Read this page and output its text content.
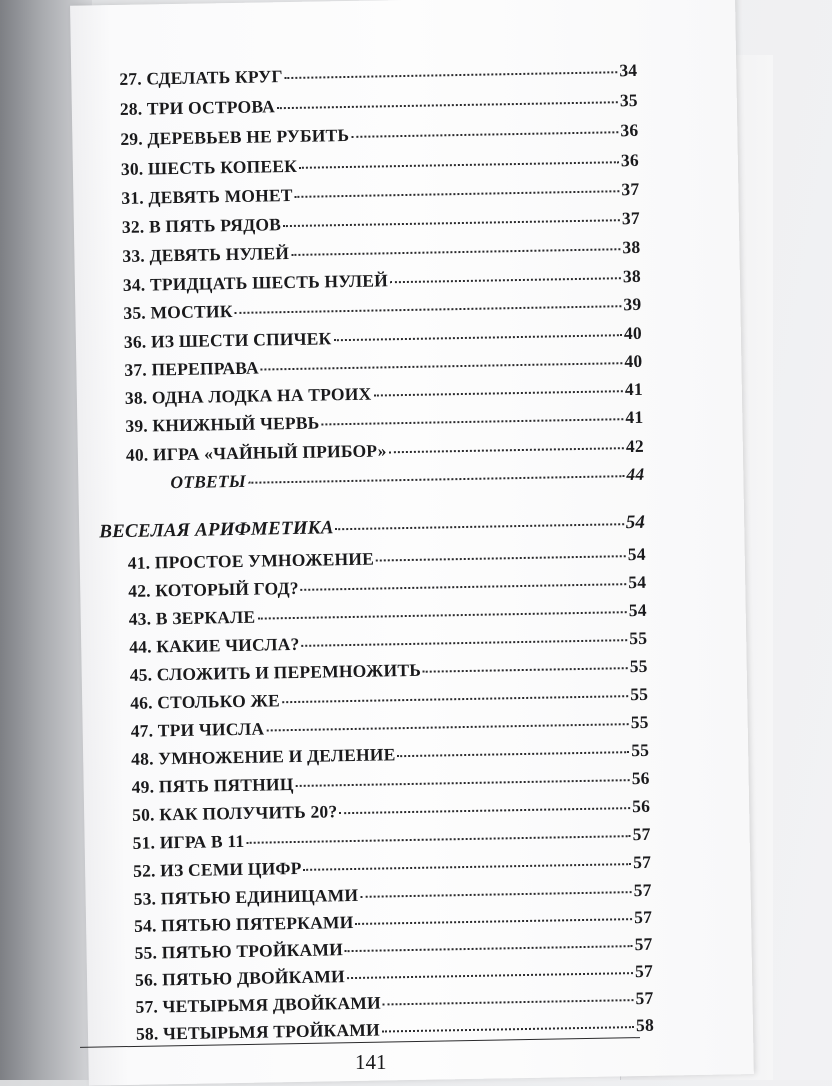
27. СДЕЛАТЬ КРУГ	34
28. ТРИ ОСТРОВА	35
29. ДЕРЕВЬЕВ НЕ РУБИТЬ	36
30. ШЕСТЬ КОПЕЕК	36
31. ДЕВЯТЬ МОНЕТ	37
32. В ПЯТЬ РЯДОВ	37
33. ДЕВЯТЬ НУЛЕЙ	38
34. ТРИДЦАТЬ ШЕСТЬ НУЛЕЙ	38
35. МОСТИК	39
36. ИЗ ШЕСТИ СПИЧЕК	40
37. ПЕРЕПРАВА	40
38. ОДНА ЛОДКА НА ТРОИХ	41
39. КНИЖНЫЙ ЧЕРВЬ	41
40. ИГРА «ЧАЙНЫЙ ПРИБОР»	42
ОТВЕТЫ	44
ВЕСЕЛАЯ АРИФМЕТИКА	54
41. ПРОСТОЕ УМНОЖЕНИЕ	54
42. КОТОРЫЙ ГОД?	54
43. В ЗЕРКАЛЕ	54
44. КАКИЕ ЧИСЛА?	55
45. СЛОЖИТЬ И ПЕРЕМНОЖИТЬ	55
46. СТОЛЬКО ЖЕ	55
47. ТРИ ЧИСЛА	55
48. УМНОЖЕНИЕ И ДЕЛЕНИЕ	55
49. ПЯТЬ ПЯТНИЦ	56
50. КАК ПОЛУЧИТЬ 20?	56
51. ИГРА В 11	57
52. ИЗ СЕМИ ЦИФР	57
53. ПЯТЬЮ ЕДИНИЦАМИ	57
54. ПЯТЬЮ ПЯТЕРКАМИ	57
55. ПЯТЬЮ ТРОЙКАМИ	57
56. ПЯТЬЮ ДВОЙКАМИ	57
57. ЧЕТЫРЬМЯ ДВОЙКАМИ	57
58. ЧЕТЫРЬМЯ ТРОЙКАМИ	58
141
